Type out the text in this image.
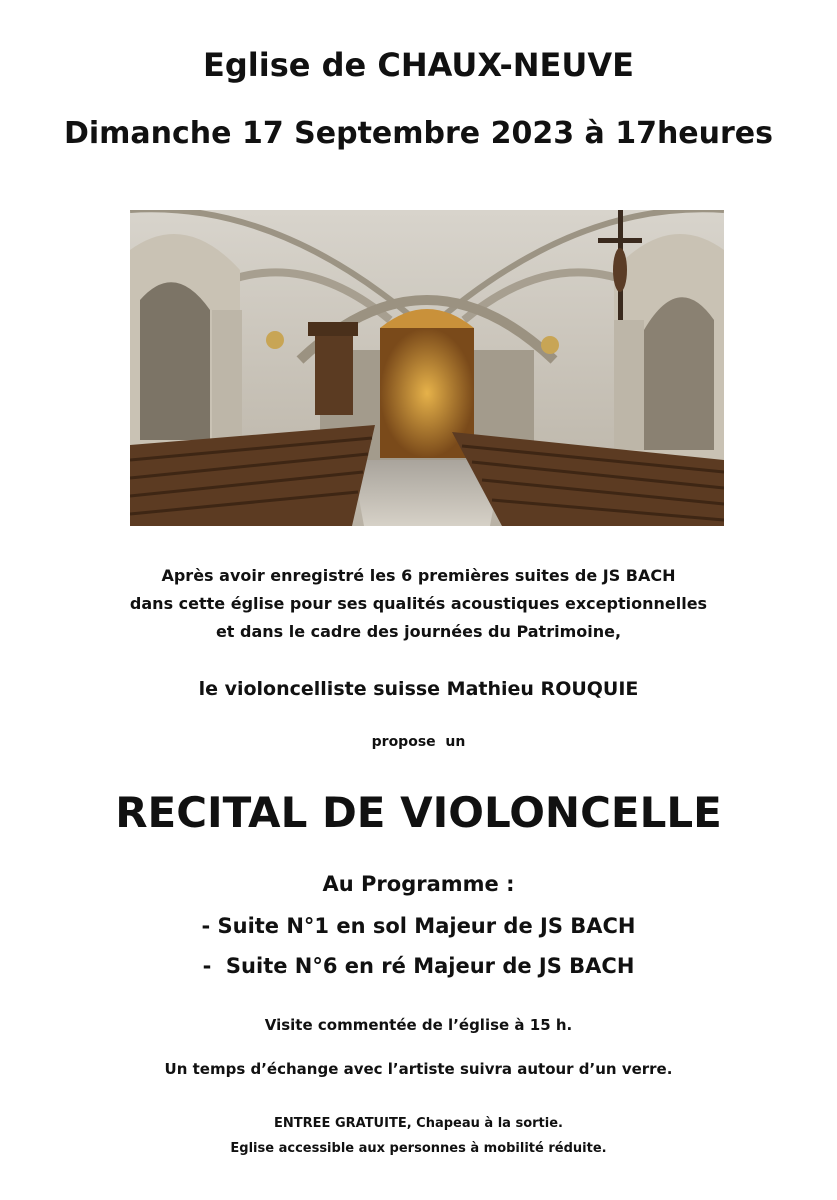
Eglise de CHAUX-NEUVE
Dimanche 17 Septembre 2023 à 17heures
Après avoir enregistré les 6 premières suites de JS BACH
dans cette église pour ses qualités acoustiques exceptionnelles
et dans le cadre des journées du Patrimoine,
le violoncelliste suisse Mathieu ROUQUIE
propose  un
RECITAL DE VIOLONCELLE
Au Programme :
- Suite N°1 en sol Majeur de JS BACH
-  Suite N°6 en ré Majeur de JS BACH
Visite commentée de l’église à 15 h.
Un temps d’échange avec l’artiste suivra autour d’un verre.
ENTREE GRATUITE, Chapeau à la sortie.
Eglise accessible aux personnes à mobilité réduite.
